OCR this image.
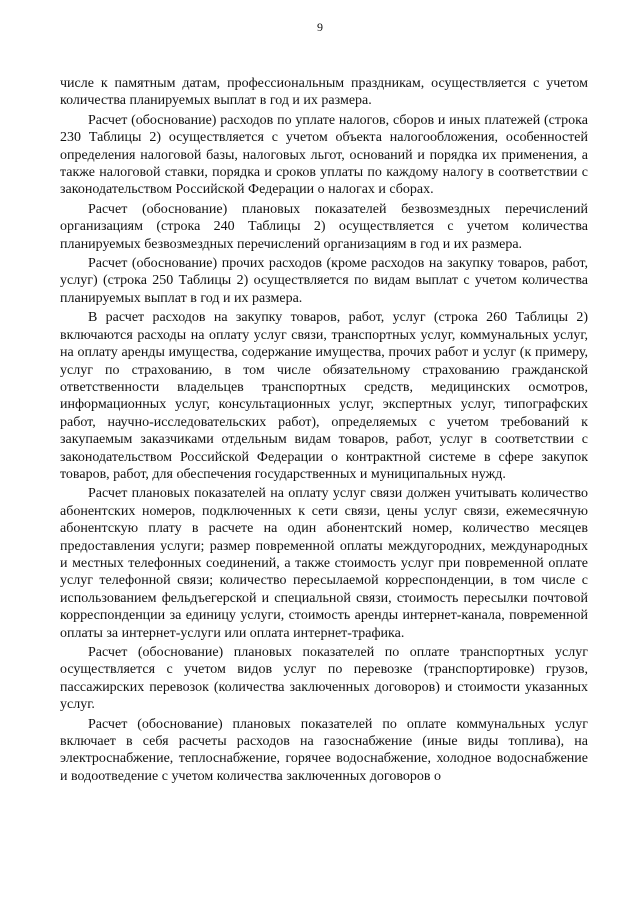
9

числе к памятным датам, профессиональным праздникам, осуществляется с учетом количества планируемых выплат в год и их размера.

Расчет (обоснование) расходов по уплате налогов, сборов и иных платежей (строка 230 Таблицы 2) осуществляется с учетом объекта налогообложения, особенностей определения налоговой базы, налоговых льгот, оснований и порядка их применения, а также налоговой ставки, порядка и сроков уплаты по каждому налогу в соответствии с законодательством Российской Федерации о налогах и сборах.

Расчет (обоснование) плановых показателей безвозмездных перечислений организациям (строка 240 Таблицы 2) осуществляется с учетом количества планируемых безвозмездных перечислений организациям в год и их размера.

Расчет (обоснование) прочих расходов (кроме расходов на закупку товаров, работ, услуг) (строка 250 Таблицы 2) осуществляется по видам выплат с учетом количества планируемых выплат в год и их размера.

В расчет расходов на закупку товаров, работ, услуг (строка 260 Таблицы 2) включаются расходы на оплату услуг связи, транспортных услуг, коммунальных услуг, на оплату аренды имущества, содержание имущества, прочих работ и услуг (к примеру, услуг по страхованию, в том числе обязательному страхованию гражданской ответственности владельцев транспортных средств, медицинских осмотров, информационных услуг, консультационных услуг, экспертных услуг, типографских работ, научно-исследовательских работ), определяемых с учетом требований к закупаемым заказчиками отдельным видам товаров, работ, услуг в соответствии с законодательством Российской Федерации о контрактной системе в сфере закупок товаров, работ, для обеспечения государственных и муниципальных нужд.

Расчет плановых показателей на оплату услуг связи должен учитывать количество абонентских номеров, подключенных к сети связи, цены услуг связи, ежемесячную абонентскую плату в расчете на один абонентский номер, количество месяцев предоставления услуги; размер повременной оплаты междугородних, международных и местных телефонных соединений, а также стоимость услуг при повременной оплате услуг телефонной связи; количество пересылаемой корреспонденции, в том числе с использованием фельдъегерской и специальной связи, стоимость пересылки почтовой корреспонденции за единицу услуги, стоимость аренды интернет-канала, повременной оплаты за интернет-услуги или оплата интернет-трафика.

Расчет (обоснование) плановых показателей по оплате транспортных услуг осуществляется с учетом видов услуг по перевозке (транспортировке) грузов, пассажирских перевозок (количества заключенных договоров) и стоимости указанных услуг.

Расчет (обоснование) плановых показателей по оплате коммунальных услуг включает в себя расчеты расходов на газоснабжение (иные виды топлива), на электроснабжение, теплоснабжение, горячее водоснабжение, холодное водоснабжение и водоотведение с учетом количества заключенных договоров о
